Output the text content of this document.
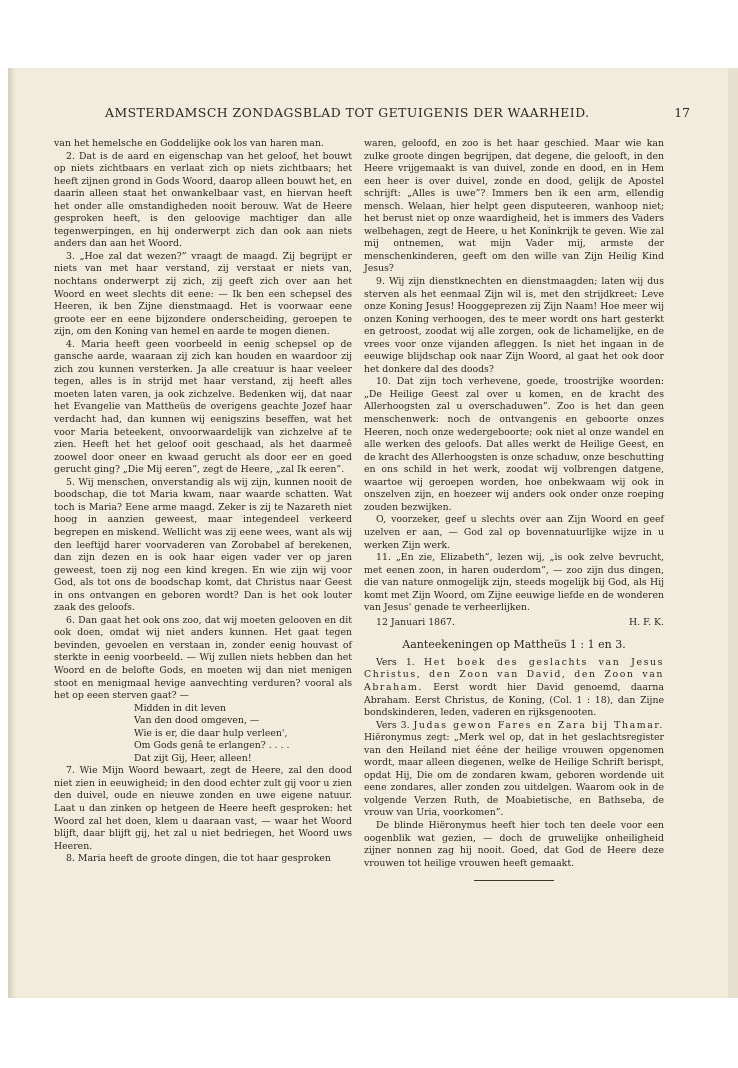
AMSTERDAMSCH ZONDAGSBLAD TOT GETUIGENIS DER WAARHEID.	17

van het hemelsche en Goddelijke ook los van haren man.

2. Dat is de aard en eigenschap van het geloof, het bouwt op niets zichtbaars en verlaat zich op niets zichtbaars; het heeft zijnen grond in Gods Woord, daarop alleen bouwt het, en daarin alleen staat het onwankelbaar vast, en hiervan heeft het onder alle omstandigheden nooit berouw. Wat de Heere gesproken heeft, is den geloovige machtiger dan alle tegenwerpingen, en hij onderwerpt zich dan ook aan niets anders dan aan het Woord.

3. „Hoe zal dat wezen?” vraagt de maagd. Zij begrijpt er niets van met haar verstand, zij verstaat er niets van, nochtans onderwerpt zij zich, zij geeft zich over aan het Woord en weet slechts dit eene: — Ik ben een schepsel des Heeren, ik ben Zijne dienstmaagd. Het is voorwaar eene groote eer en eene bijzondere onderscheiding, geroepen te zijn, om den Koning van hemel en aarde te mogen dienen.

4. Maria heeft geen voorbeeld in eenig schepsel op de gansche aarde, waaraan zij zich kan houden en waardoor zij zich zou kunnen versterken. Ja alle creatuur is haar veeleer tegen, alles is in strijd met haar verstand, zij heeft alles moeten laten varen, ja ook zichzelve. Bedenken wij, dat naar het Evangelie van Mattheüs de overigens geachte Jozef haar verdacht had, dan kunnen wij eenigszins beseffen, wat het voor Maria beteekent, onvoorwaardelijk van zichzelve af te zien. Heeft het het geloof ooit geschaad, als het daarmeê zoowel door oneer en kwaad gerucht als door eer en goed gerucht ging? „Die Mij eeren”, zegt de Heere, „zal Ik eeren”.

5. Wij menschen, onverstandig als wij zijn, kunnen nooit de boodschap, die tot Maria kwam, naar waarde schatten. Wat toch is Maria? Eene arme maagd. Zeker is zij te Nazareth niet hoog in aanzien geweest, maar integendeel verkeerd begrepen en miskend. Wellicht was zij eene wees, want als wij den leeftijd harer voorvaderen van Zorobabel af berekenen, dan zijn dezen en is ook haar eigen vader ver op jaren geweest, toen zij nog een kind kregen. En wie zijn wij voor God, als tot ons de boodschap komt, dat Christus naar Geest in ons ontvangen en geboren wordt? Dan is het ook louter zaak des geloofs.

6. Dan gaat het ook ons zoo, dat wij moeten gelooven en dit ook doen, omdat wij niet anders kunnen. Het gaat tegen bevinden, gevoelen en verstaan in, zonder eenig houvast of sterkte in eenig voorbeeld. — Wij zullen niets hebben dan het Woord en de belofte Gods, en moeten wij dan niet menigen stoot en menigmaal hevige aanvechting verduren? vooral als het op eeen sterven gaat? —

Midden in dit leven
Van den dood omgeven, —
Wie is er, die daar hulp verleen',
Om Gods genâ te erlangen? . . . .
Dat zijt Gij, Heer, alleen!

7. Wie Mijn Woord bewaart, zegt de Heere, zal den dood niet zien in eeuwigheid; in den dood echter zult gij voor u zien den duivel, oude en nieuwe zonden en uwe eigene natuur. Laat u dan zinken op hetgeen de Heere heeft gesproken: het Woord zal het doen, klem u daaraan vast, — waar het Woord blijft, daar blijft gij, het zal u niet bedriegen, het Woord uws Heeren.

8. Maria heeft de groote dingen, die tot haar gesproken

waren, geloofd, en zoo is het haar geschied. Maar wie kan zulke groote dingen begrijpen, dat degene, die gelooft, in den Heere vrijgemaakt is van duivel, zonde en dood, en in Hem een heer is over duivel, zonde en dood, gelijk de Apostel schrijft: „Alles is uwe”? Immers ben ik een arm, ellendig mensch. Welaan, hier helpt geen disputeeren, wanhoop niet; het berust niet op onze waardigheid, het is immers des Vaders welbehagen, zegt de Heere, u het Koninkrijk te geven. Wie zal mij ontnemen, wat mijn Vader mij, armste der menschenkinderen, geeft om den wille van Zijn Heilig Kind Jesus?

9. Wij zijn dienstknechten en dienstmaagden; laten wij dus sterven als het eenmaal Zijn wil is, met den strijdkreet: Leve onze Koning Jesus! Hooggeprezen zij Zijn Naam! Hoe meer wij onzen Koning verhoogen, des te meer wordt ons hart gesterkt en getroost, zoodat wij alle zorgen, ook de lichamelijke, en de vrees voor onze vijanden afleggen. Is niet het ingaan in de eeuwige blijdschap ook naar Zijn Woord, al gaat het ook door het donkere dal des doods?

10. Dat zijn toch verhevene, goede, troostrijke woorden: „De Heilige Geest zal over u komen, en de kracht des Allerhoogsten zal u overschaduwen”. Zoo is het dan geen menschenwerk: noch de ontvangenis en geboorte onzes Heeren, noch onze wedergeboorte; ook niet al onze wandel en alle werken des geloofs. Dat alles werkt de Heilige Geest, en de kracht des Allerhoogsten is onze schaduw, onze beschutting en ons schild in het werk, zoodat wij volbrengen datgene, waartoe wij geroepen worden, hoe onbekwaam wij ook in onszelven zijn, en hoezeer wij anders ook onder onze roeping zouden bezwijken.

O, voorzeker, geef u slechts over aan Zijn Woord en geef uzelven er aan, — God zal op bovennatuurlijke wijze in u werken Zijn werk.

11. „En zie, Elizabeth”, lezen wij, „is ook zelve bevrucht, met eenen zoon, in haren ouderdom”, — zoo zijn dus dingen, die van nature onmogelijk zijn, steeds mogelijk bij God, als Hij komt met Zijn Woord, om Zijne eeuwige liefde en de wonderen van Jesus' genade te verheerlijken.

12 Januari 1867.	H. F. K.
Aanteekeningen op Mattheüs 1 : 1 en 3.

Vers 1. Het boek des geslachts van Jesus Christus, den Zoon van David, den Zoon van Abraham. Eerst wordt hier David genoemd, daarna Abraham. Eerst Christus, de Koning, (Col. 1 : 18), dan Zijne bondskinderen, leden, vaderen en rijksgenooten.

Vers 3. Judas gewon Fares en Zara bij Thamar. Hiëronymus zegt: „Merk wel op, dat in het geslachtsregister van den Heiland niet ééne der heilige vrouwen opgenomen wordt, maar alleen diegenen, welke de Heilige Schrift berispt, opdat Hij, Die om de zondaren kwam, geboren wordende uit eene zondares, aller zonden zou uitdelgen. Waarom ook in de volgende Verzen Ruth, de Moabietische, en Bathseba, de vrouw van Uria, voorkomen”.

De blinde Hiëronymus heeft hier toch ten deele voor een oogenblik wat gezien, — doch de gruwelijke onheiligheid zijner nonnen zag hij nooit. Goed, dat God de Heere deze vrouwen tot heilige vrouwen heeft gemaakt.
